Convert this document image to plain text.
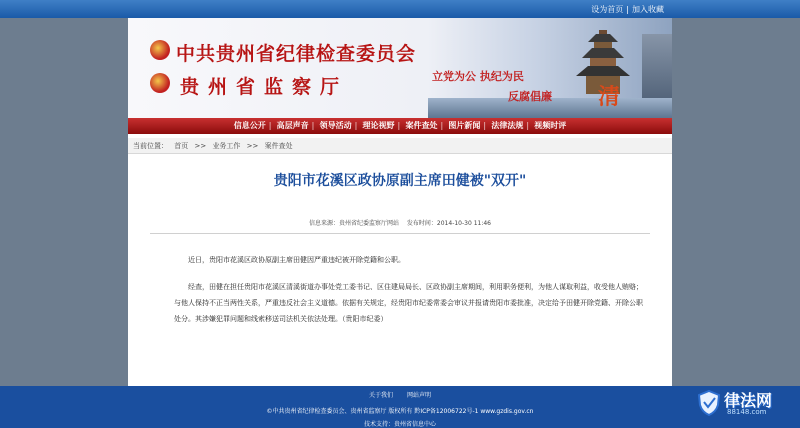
设为首页 | 加入收藏
中共贵州省纪律检查委员会
贵州省监察厅	立党为公 执纪为民
反腐倡廉 清
信息公开 | 高层声音 | 领导活动 | 理论视野 | 案件查处 | 图片新闻 | 法律法规 | 视频时评
当前位置： 首页 >> 业务工作 >> 案件查处
贵阳市花溪区政协原副主席田健被"双开"
信息来源：贵州省纪委监察厅网站 发布时间：2014-10-30 11:46
近日，贵阳市花溪区政协原副主席田健因严重违纪被开除党籍和公职。
经查，田健在担任贵阳市花溪区清溪街道办事处党工委书记、区住建局局长、区政协副主席期间，利用职务便利，为他人谋取利益，收受他人贿赂；与他人保持不正当两性关系，严重违反社会主义道德。依据有关规定，经贵阳市纪委常委会审议并报请贵阳市委批准，决定给予田健开除党籍、开除公职处分。其涉嫌犯罪问题和线索移送司法机关依法处理。（贵阳市纪委）
关于我们 网站声明
©中共贵州省纪律检查委员会、贵州省监察厅 版权所有 黔ICP备12006722号-1 www.gzdis.gov.cn
技术支持：贵州省信息中心
律法网
88148.com
